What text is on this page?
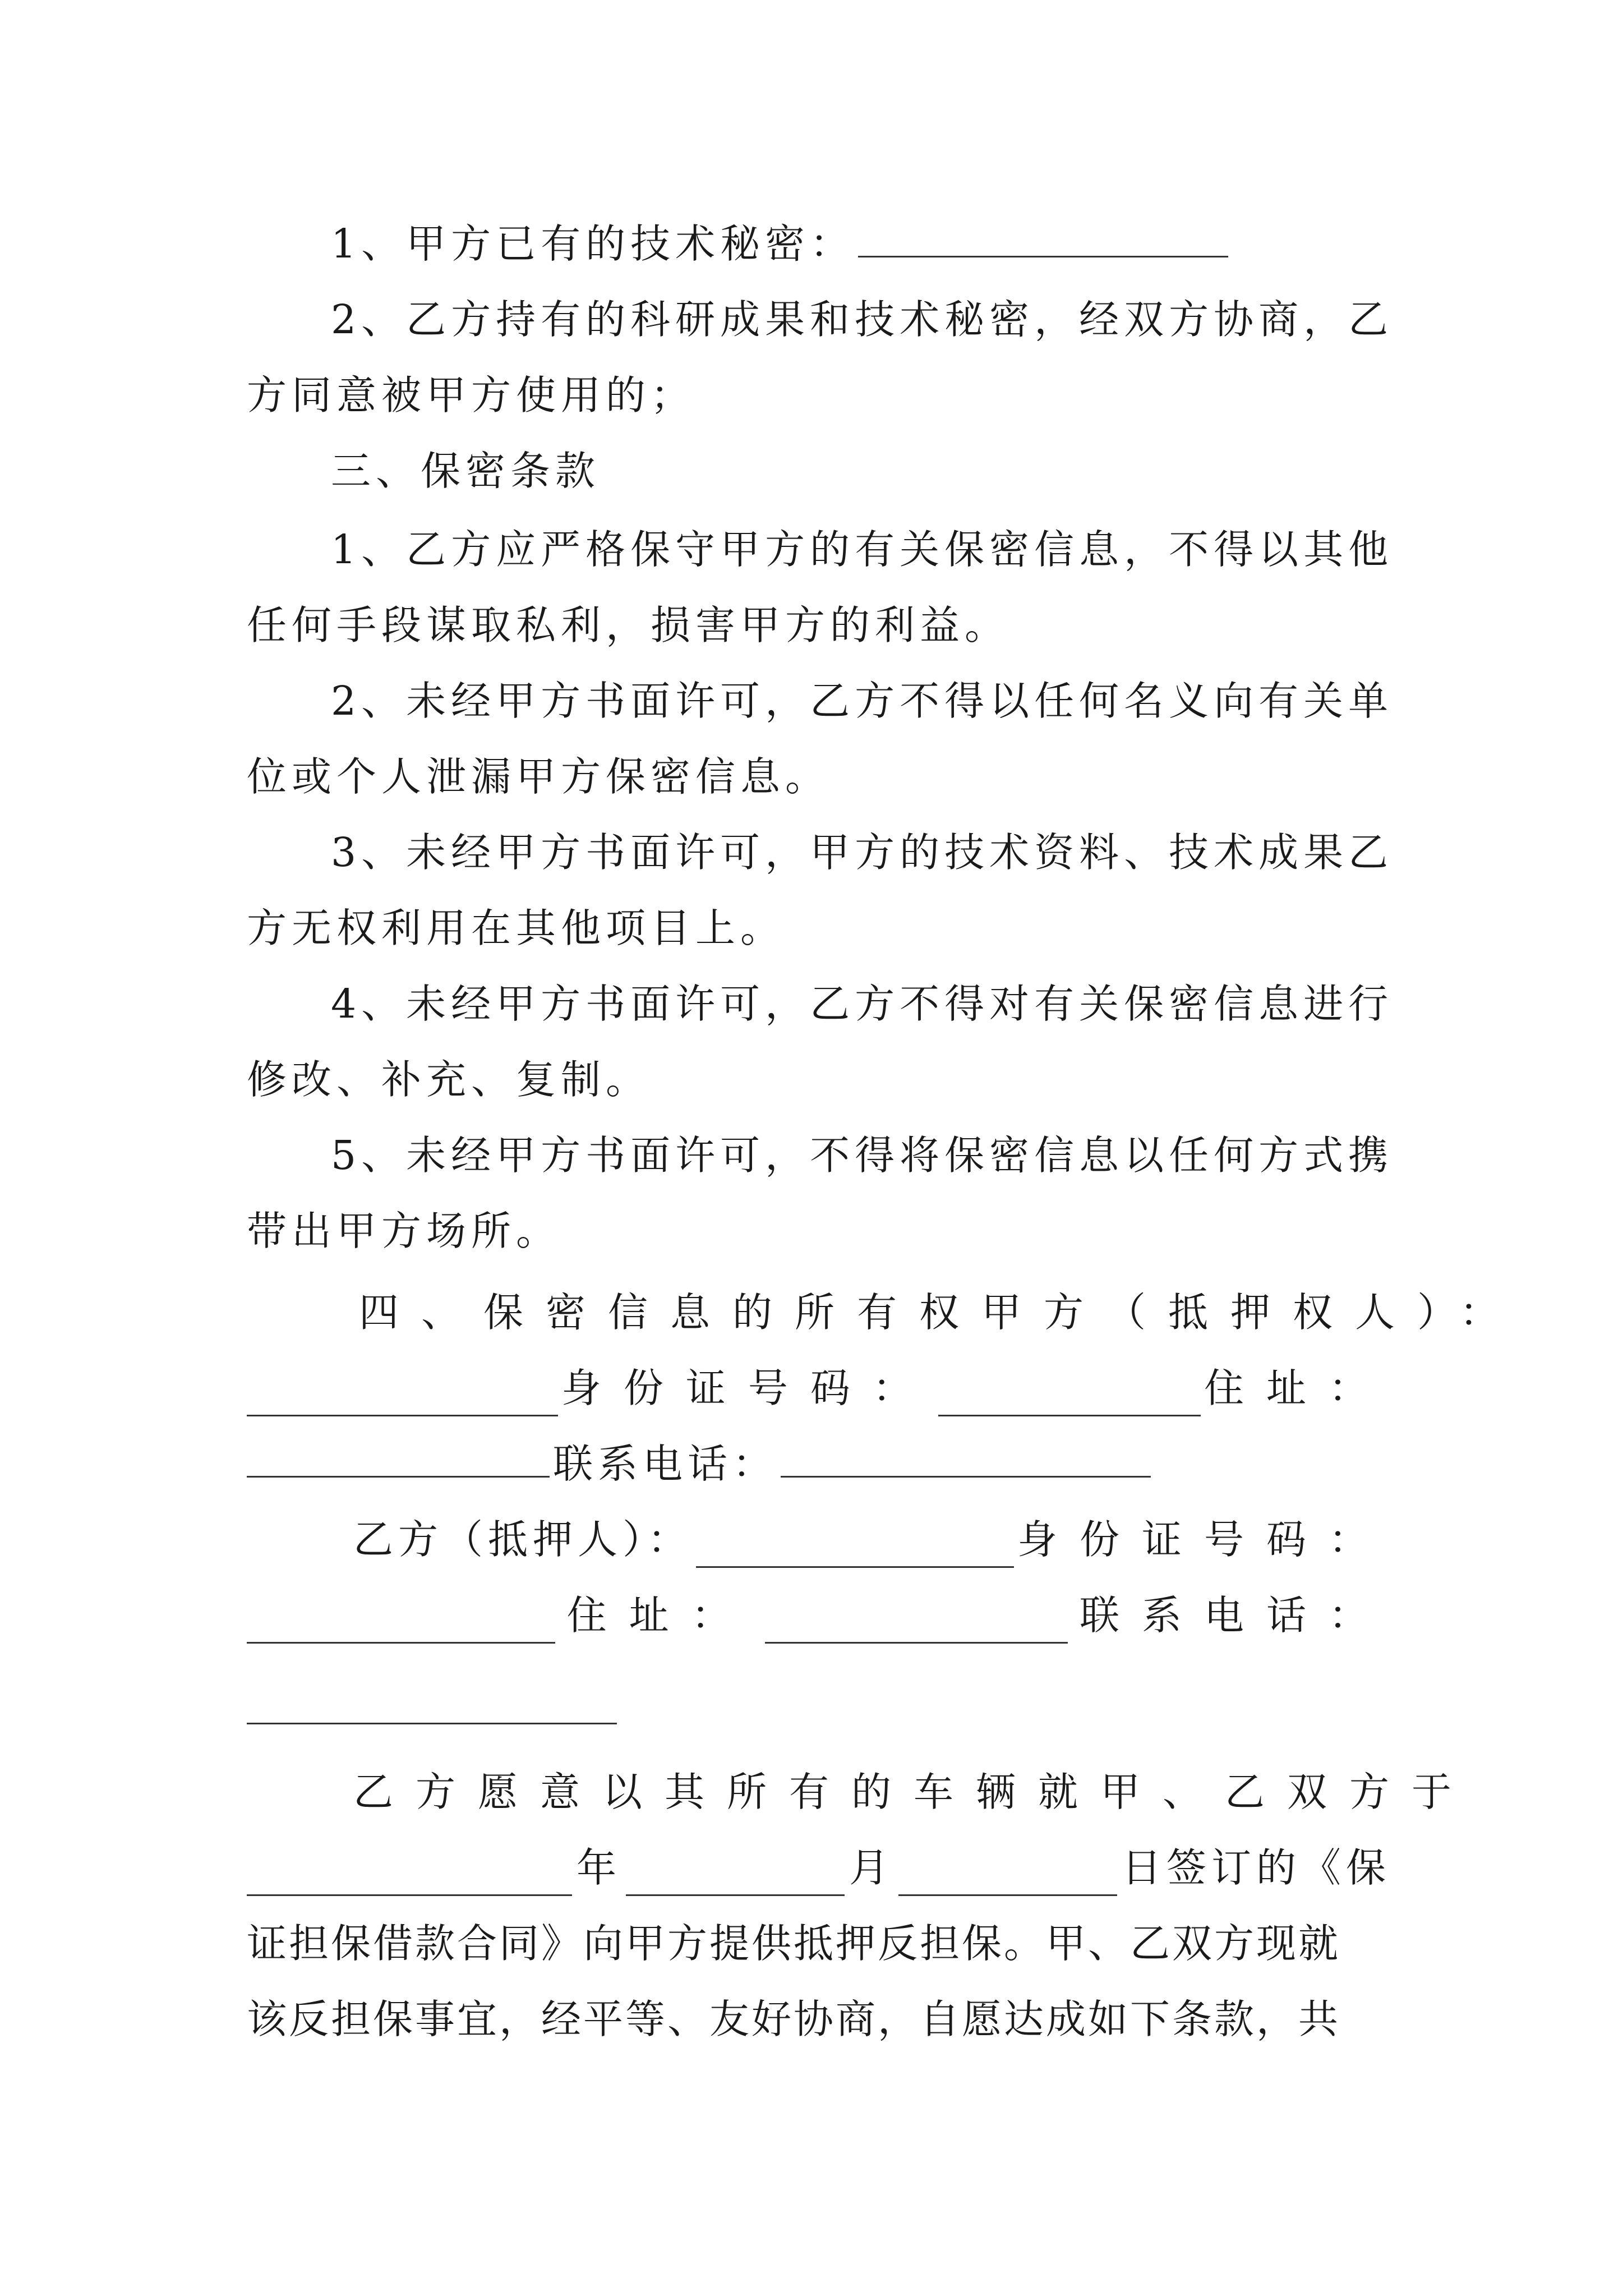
1、甲方已有的技术秘密：
2、乙方持有的科研成果和技术秘密，经双方协商，乙
方同意被甲方使用的；
三、保密条款
1、乙方应严格保守甲方的有关保密信息，不得以其他
任何手段谋取私利，损害甲方的利益。
2、未经甲方书面许可，乙方不得以任何名义向有关单
位或个人泄漏甲方保密信息。
3、未经甲方书面许可，甲方的技术资料、技术成果乙
方无权利用在其他项目上。
4、未经甲方书面许可，乙方不得对有关保密信息进行
修改、补充、复制。
5、未经甲方书面许可，不得将保密信息以任何方式携
带出甲方场所。
四、保密信息的所有权甲方（抵押权人）：
身份证号码：	住址：
联系电话：
乙方（抵押人）：	身份证号码：
住址：	联系电话：
乙方愿意以其所有的车辆就甲、乙双方于
年	月	日签订的《保
证担保借款合同》向甲方提供抵押反担保。甲、乙双方现就
该反担保事宜，经平等、友好协商，自愿达成如下条款，共
